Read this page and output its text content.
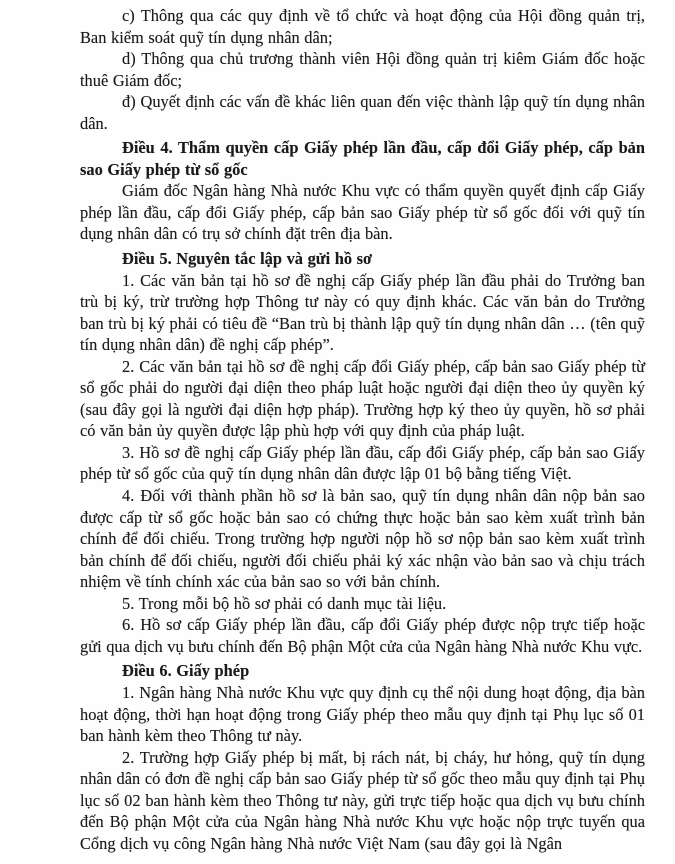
c) Thông qua các quy định về tổ chức và hoạt động của Hội đồng quản trị, Ban kiểm soát quỹ tín dụng nhân dân;

d) Thông qua chủ trương thành viên Hội đồng quản trị kiêm Giám đốc hoặc thuê Giám đốc;

đ) Quyết định các vấn đề khác liên quan đến việc thành lập quỹ tín dụng nhân dân.

Điều 4. Thẩm quyền cấp Giấy phép lần đầu, cấp đổi Giấy phép, cấp bản sao Giấy phép từ sổ gốc

Giám đốc Ngân hàng Nhà nước Khu vực có thẩm quyền quyết định cấp Giấy phép lần đầu, cấp đổi Giấy phép, cấp bản sao Giấy phép từ sổ gốc đối với quỹ tín dụng nhân dân có trụ sở chính đặt trên địa bàn.

Điều 5. Nguyên tắc lập và gửi hồ sơ

1. Các văn bản tại hồ sơ đề nghị cấp Giấy phép lần đầu phải do Trưởng ban trù bị ký, trừ trường hợp Thông tư này có quy định khác. Các văn bản do Trưởng ban trù bị ký phải có tiêu đề “Ban trù bị thành lập quỹ tín dụng nhân dân … (tên quỹ tín dụng nhân dân) đề nghị cấp phép”.

2. Các văn bản tại hồ sơ đề nghị cấp đổi Giấy phép, cấp bản sao Giấy phép từ sổ gốc phải do người đại diện theo pháp luật hoặc người đại diện theo ủy quyền ký (sau đây gọi là người đại diện hợp pháp). Trường hợp ký theo ủy quyền, hồ sơ phải có văn bản ủy quyền được lập phù hợp với quy định của pháp luật.

3. Hồ sơ đề nghị cấp Giấy phép lần đầu, cấp đổi Giấy phép, cấp bản sao Giấy phép từ sổ gốc của quỹ tín dụng nhân dân được lập 01 bộ bằng tiếng Việt.

4. Đối với thành phần hồ sơ là bản sao, quỹ tín dụng nhân dân nộp bản sao được cấp từ sổ gốc hoặc bản sao có chứng thực hoặc bản sao kèm xuất trình bản chính để đối chiếu. Trong trường hợp người nộp hồ sơ nộp bản sao kèm xuất trình bản chính để đối chiếu, người đối chiếu phải ký xác nhận vào bản sao và chịu trách nhiệm về tính chính xác của bản sao so với bản chính.

5. Trong mỗi bộ hồ sơ phải có danh mục tài liệu.

6. Hồ sơ cấp Giấy phép lần đầu, cấp đổi Giấy phép được nộp trực tiếp hoặc gửi qua dịch vụ bưu chính đến Bộ phận Một cửa của Ngân hàng Nhà nước Khu vực.

Điều 6. Giấy phép

1. Ngân hàng Nhà nước Khu vực quy định cụ thể nội dung hoạt động, địa bàn hoạt động, thời hạn hoạt động trong Giấy phép theo mẫu quy định tại Phụ lục số 01 ban hành kèm theo Thông tư này.

2. Trường hợp Giấy phép bị mất, bị rách nát, bị cháy, hư hỏng, quỹ tín dụng nhân dân có đơn đề nghị cấp bản sao Giấy phép từ sổ gốc theo mẫu quy định tại Phụ lục số 02 ban hành kèm theo Thông tư này, gửi trực tiếp hoặc qua dịch vụ bưu chính đến Bộ phận Một cửa của Ngân hàng Nhà nước Khu vực hoặc nộp trực tuyến qua Cổng dịch vụ công Ngân hàng Nhà nước Việt Nam (sau đây gọi là Ngân
